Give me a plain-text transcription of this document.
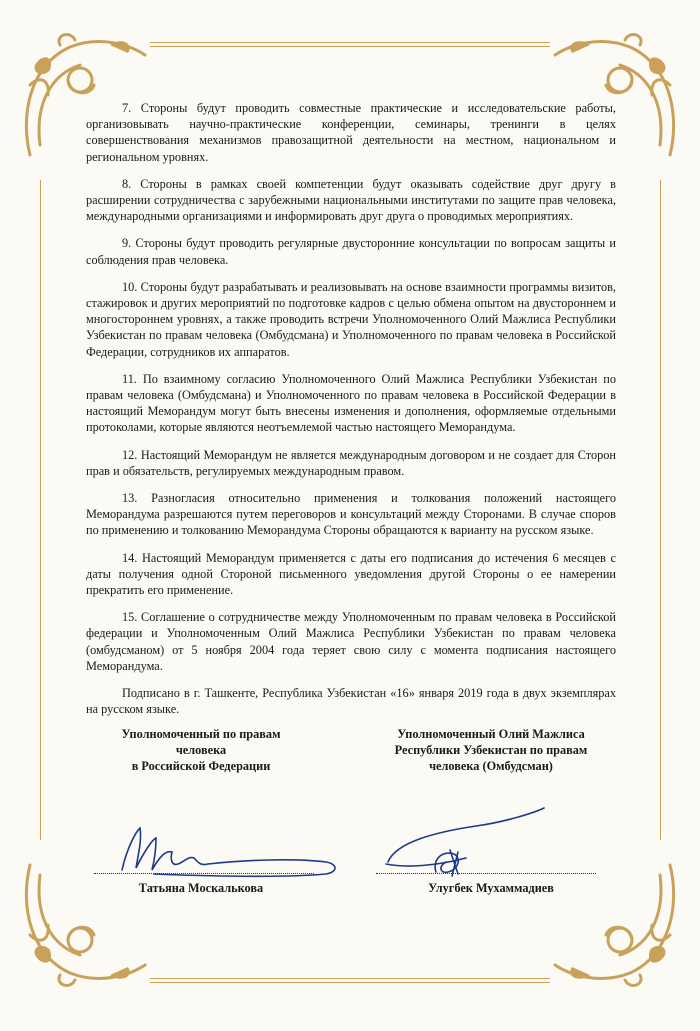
7. Стороны будут проводить совместные практические и исследовательские работы, организовывать научно-практические конференции, семинары, тренинги в целях совершенствования механизмов правозащитной деятельности на местном, национальном и региональном уровнях.

8. Стороны в рамках своей компетенции будут оказывать содействие друг другу в расширении сотрудничества с зарубежными национальными институтами по защите прав человека, международными организациями и информировать друг друга о проводимых мероприятиях.

9. Стороны будут проводить регулярные двусторонние консультации по вопросам защиты и соблюдения прав человека.

10. Стороны будут разрабатывать и реализовывать на основе взаимности программы визитов, стажировок и других мероприятий по подготовке кадров с целью обмена опытом на двустороннем и многостороннем уровнях, а также проводить встречи Уполномоченного Олий Мажлиса Республики Узбекистан по правам человека (Омбудсмана) и Уполномоченного по правам человека в Российской Федерации, сотрудников их аппаратов.

11. По взаимному согласию Уполномоченного Олий Мажлиса Республики Узбекистан по правам человека (Омбудсмана) и Уполномоченного по правам человека в Российской Федерации в настоящий Меморандум могут быть внесены изменения и дополнения, оформляемые отдельными протоколами, которые являются неотъемлемой частью настоящего Меморандума.

12. Настоящий Меморандум не является международным договором и не создает для Сторон прав и обязательств, регулируемых международным правом.

13. Разногласия относительно применения и толкования положений настоящего Меморандума разрешаются путем переговоров и консультаций между Сторонами. В случае споров по применению и толкованию Меморандума Стороны обращаются к варианту на русском языке.

14. Настоящий Меморандум применяется с даты его подписания до истечения 6 месяцев с даты получения одной Стороной письменного уведомления другой Стороны о ее намерении прекратить его применение.

15. Соглашение о сотрудничестве между Уполномоченным по правам человека в Российской федерации и Уполномоченным Олий Мажлиса Республики Узбекистан по правам человека (омбудсманом) от 5 ноября 2004 года теряет свою силу с момента подписания настоящего Меморандума.

Подписано в г. Ташкенте, Республика Узбекистан «16» января 2019 года в двух экземплярах на русском языке.

Уполномоченный по правам
человека
в Российской Федерации
Уполномоченный Олий Мажлиса
Республики Узбекистан по правам
человека (Омбудсман)
Татьяна Москалькова	Улугбек Мухаммадиев
